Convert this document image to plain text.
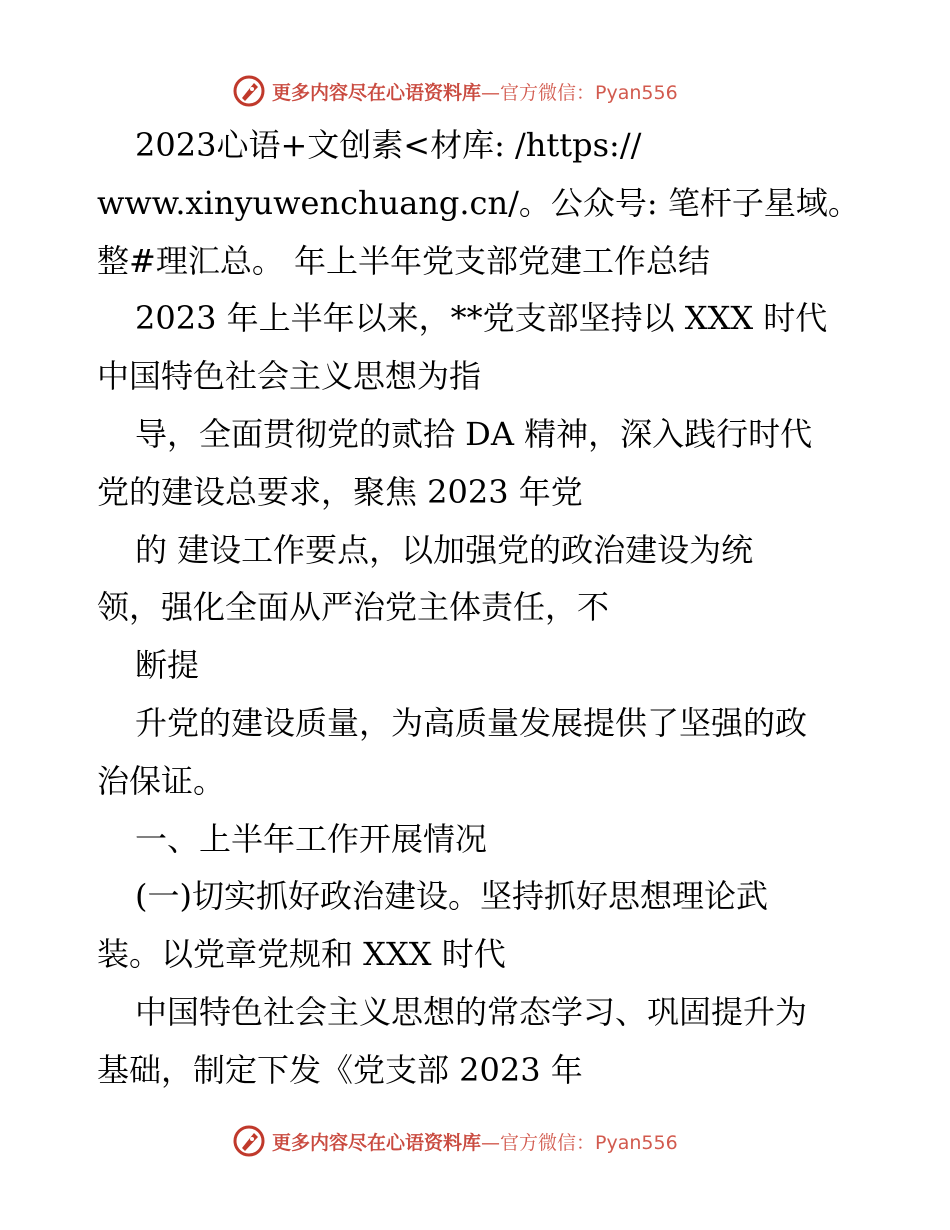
更多内容尽在心语资料库—官方微信：Pyan556
2023心语+文创素<材库: /https://
www.xinyuwenchuang.cn/。公众号: 笔杆子星域。
整#理汇总。 年上半年党支部党建工作总结
2023 年上半年以来，**党支部坚持以 XXX 时代
中国特色社会主义思想为指
导，全面贯彻党的贰拾 DA 精神，深入践行时代
党的建设总要求，聚焦 2023 年党
的 建设工作要点，以加强党的政治建设为统
领，强化全面从严治党主体责任，不
断提
升党的建设质量，为高质量发展提供了坚强的政
治保证。
一、上半年工作开展情况
(一)切实抓好政治建设。坚持抓好思想理论武
装。以党章党规和 XXX 时代
中国特色社会主义思想的常态学习、巩固提升为
基础，制定下发《党支部 2023 年
更多内容尽在心语资料库—官方微信：Pyan556
